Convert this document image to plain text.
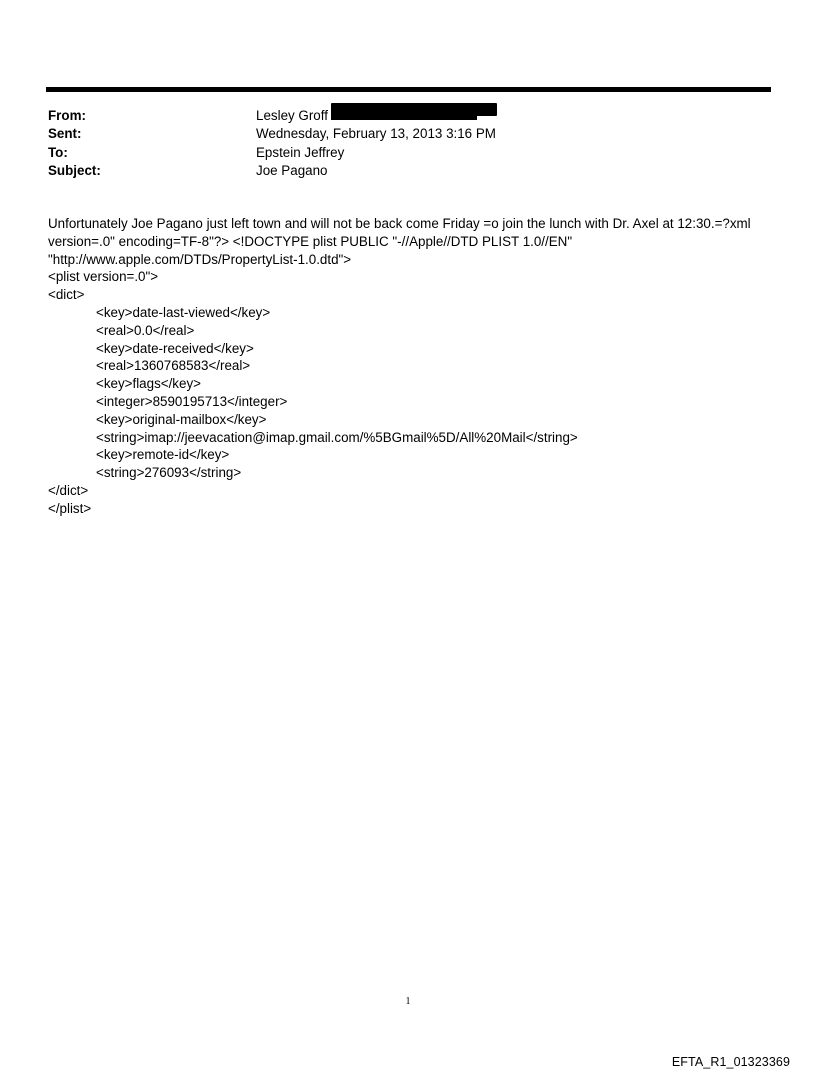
From:	Lesley Groff
Sent:	Wednesday, February 13, 2013 3:16 PM
To:	Epstein Jeffrey
Subject:	Joe Pagano
Unfortunately Joe Pagano just left town and will not be back come Friday =o join the lunch with Dr. Axel at 12:30.=?xml
version=.0" encoding=TF-8"?> <!DOCTYPE plist PUBLIC "-//Apple//DTD PLIST 1.0//EN"
"http://www.apple.com/DTDs/PropertyList-1.0.dtd">
<plist version=.0">
<dict>
<key>date-last-viewed</key>
<real>0.0</real>
<key>date-received</key>
<real>1360768583</real>
<key>flags</key>
<integer>8590195713</integer>
<key>original-mailbox</key>
<string>imap://jeevacation@imap.gmail.com/%5BGmail%5D/All%20Mail</string>
<key>remote-id</key>
<string>276093</string>
</dict>
</plist>
1
EFTA_R1_01323369
